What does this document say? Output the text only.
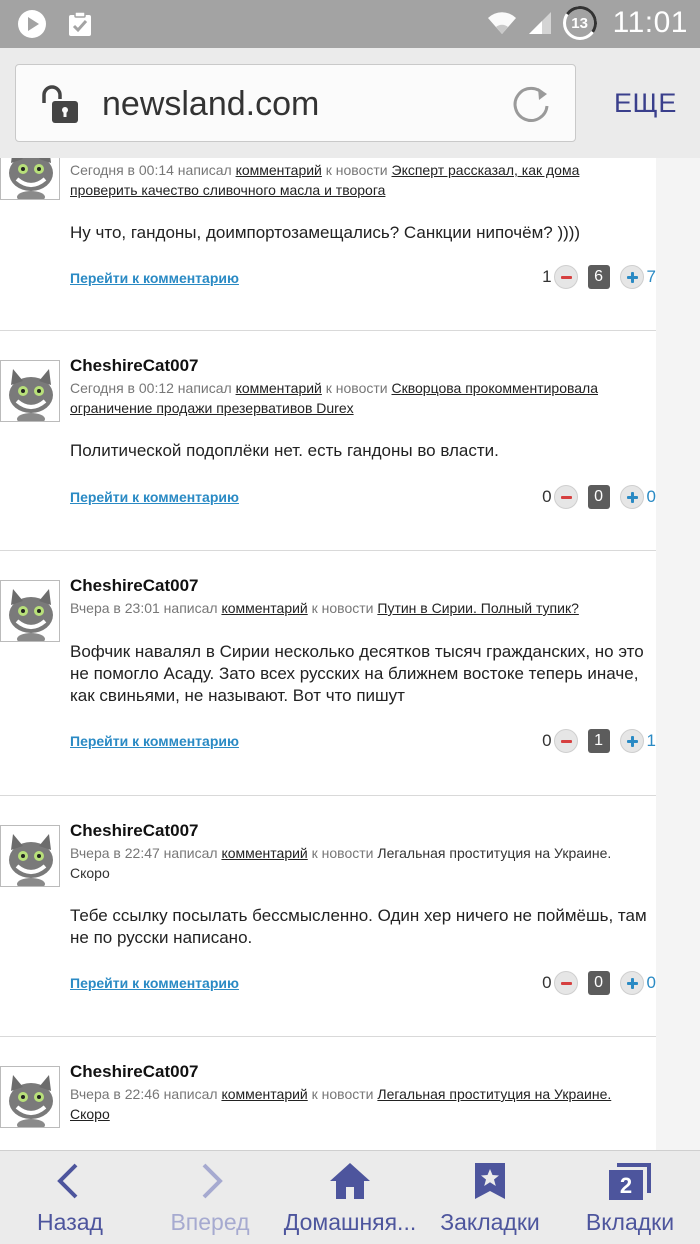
13 11:01
newsland.com	ЕЩЕ
Сегодня в 00:14 написал комментарий к новости Эксперт рассказал, как дома проверить качество сливочного масла и творога
Ну что, гандоны, доимпортозамещались? Санкции нипочём? ))))
Перейти к комментарию	1	6	7
CheshireCat007
Сегодня в 00:12 написал комментарий к новости Скворцова прокомментировала ограничение продажи презервативов Durex
Политической подоплёки нет. есть гандоны во власти.
Перейти к комментарию	0	0	0
CheshireCat007
Вчера в 23:01 написал комментарий к новости Путин в Сирии. Полный тупик?
Вофчик навалял в Сирии несколько десятков тысяч гражданских, но это не помогло Асаду. Зато всех русских на ближнем востоке теперь иначе, как свиньями, не называют. Вот что пишут
Перейти к комментарию	0	1	1
CheshireCat007
Вчера в 22:47 написал комментарий к новости Легальная проституция на Украине. Скоро
Тебе ссылку посылать бессмысленно. Один хер ничего не поймёшь, там не по русски написано.
Перейти к комментарию	0	0	0
CheshireCat007
Вчера в 22:46 написал комментарий к новости Легальная проституция на Украине. Скоро
Назад	Вперед	Домашняя...	Закладки
2
Вкладки
